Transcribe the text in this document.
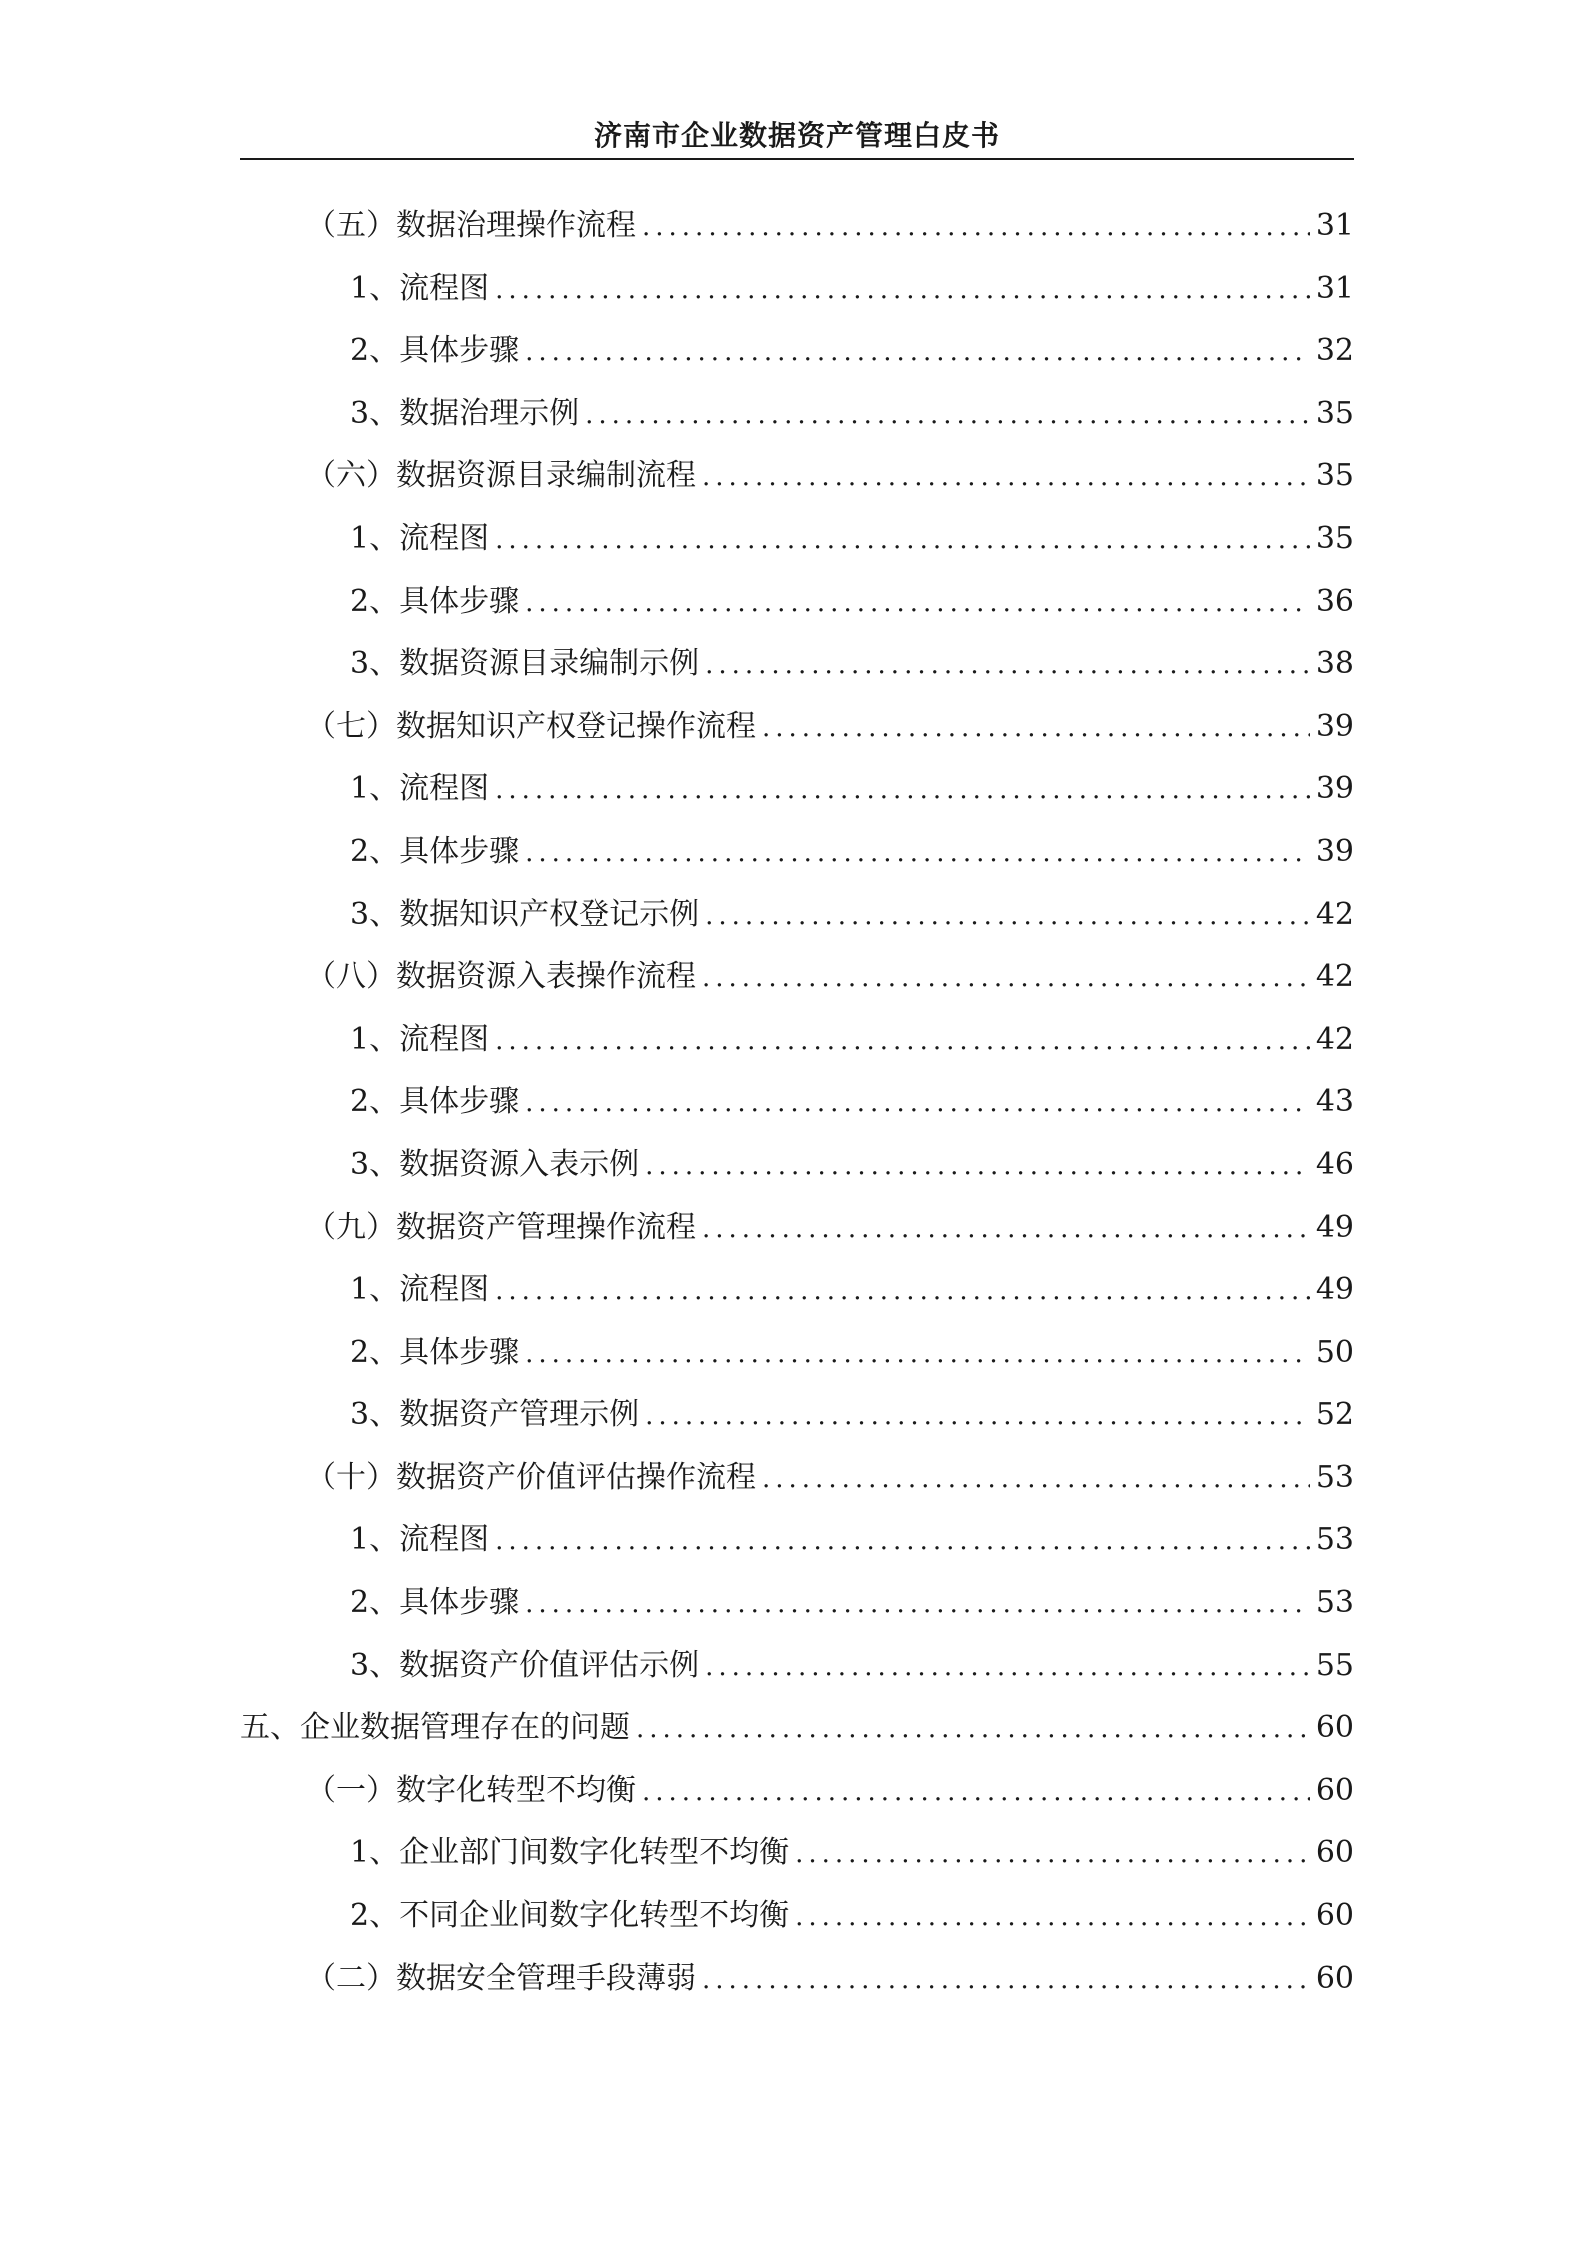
济南市企业数据资产管理白皮书
（五）数据治理操作流程 .....	31
1、流程图 .....	31
2、具体步骤 .....	32
3、数据治理示例 .....	35
（六）数据资源目录编制流程 .....	35
1、流程图 .....	35
2、具体步骤 .....	36
3、数据资源目录编制示例 .....	38
（七）数据知识产权登记操作流程 .....	39
1、流程图 .....	39
2、具体步骤 .....	39
3、数据知识产权登记示例 .....	42
（八）数据资源入表操作流程 .....	42
1、流程图 .....	42
2、具体步骤 .....	43
3、数据资源入表示例 .....	46
（九）数据资产管理操作流程 .....	49
1、流程图 .....	49
2、具体步骤 .....	50
3、数据资产管理示例 .....	52
（十）数据资产价值评估操作流程 .....	53
1、流程图 .....	53
2、具体步骤 .....	53
3、数据资产价值评估示例 .....	55
五、企业数据管理存在的问题 .....	60
（一）数字化转型不均衡 .....	60
1、企业部门间数字化转型不均衡 .....	60
2、不同企业间数字化转型不均衡 .....	60
（二）数据安全管理手段薄弱 .....	60
